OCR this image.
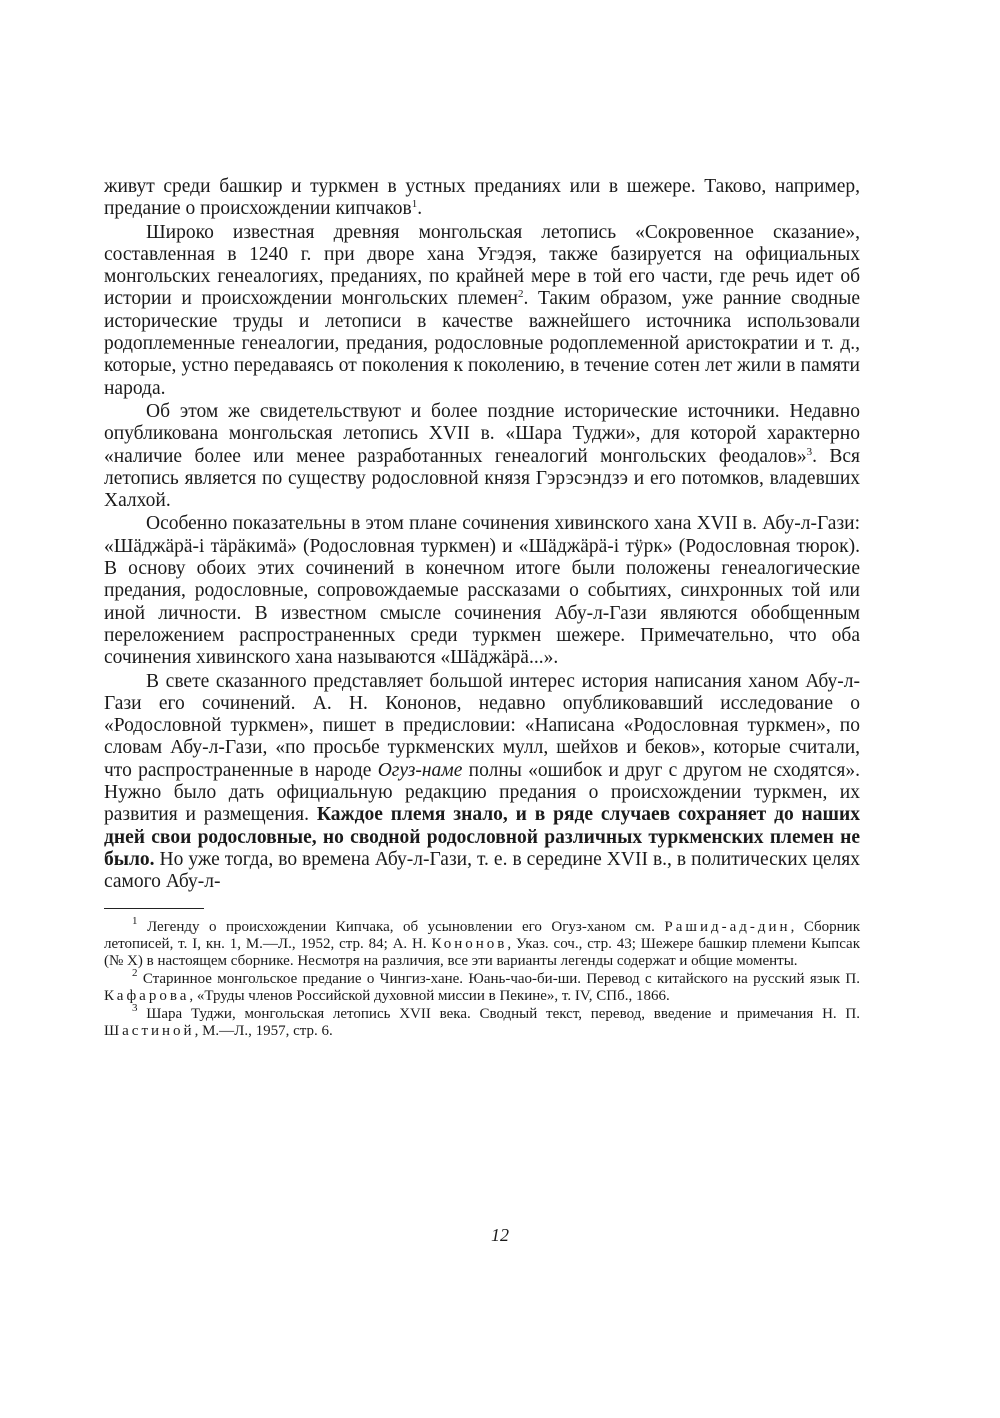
живут среди башкир и туркмен в устных преданиях или в шежере. Таково, например, предание о происхождении кипчаков$^1$.

Широко известная древняя монгольская летопись «Сокровенное сказание», составленная в 1240 г. при дворе хана Угэдэя, также базируется на официальных монгольских генеалогиях, преданиях, по крайней мере в той его части, где речь идет об истории и происхождении монгольских племен$^2$. Таким образом, уже ранние сводные исторические труды и летописи в качестве важнейшего источника использовали родоплеменные генеалогии, предания, родословные родоплеменной аристократии и т. д., которые, устно передаваясь от поколения к поколению, в течение сотен лет жили в памяти народа.

Об этом же свидетельствуют и более поздние исторические источники. Недавно опубликована монгольская летопись XVII в. «Шара Туджи», для которой характерно «наличие более или менее разработанных генеалогий монгольских феодалов»$^3$. Вся летопись является по существу родословной князя Гэрэсэндзэ и его потомков, владевших Халхой.

Особенно показательны в этом плане сочинения хивинского хана XVII в. Абу-л-Гази: «Шäджäрä-i тäрäкимä» (Родословная туркмен) и «Шäджäрä-i тӱрк» (Родословная тюрок). В основу обоих этих сочинений в конечном итоге были положены генеалогические предания, родословные, сопровождаемые рассказами о событиях, синхронных той или иной личности. В известном смысле сочинения Абу-л-Гази являются обобщенным переложением распространенных среди туркмен шежере. Примечательно, что оба сочинения хивинского хана называются «Шäджäрä...».

В свете сказанного представляет большой интерес история написания ханом Абу-л-Гази его сочинений. А. Н. Кононов, недавно опубликовавший исследование о «Родословной туркмен», пишет в предисловии: «Написана «Родословная туркмен», по словам Абу-л-Гази, «по просьбе туркменских мулл, шейхов и беков», которые считали, что распространенные в народе Огуз-наме полны «ошибок и друг с другом не сходятся». Нужно было дать официальную редакцию предания о происхождении туркмен, их развития и размещения. Каждое племя знало, и в ряде случаев сохраняет до наших дней свои родословные, но сводной родословной различных туркменских племен не было. Но уже тогда, во времена Абу-л-Гази, т. е. в середине XVII в., в политических целях самого Абу-л-

$^1$ Легенду о происхождении Кипчака, об усыновлении его Огуз-ханом см. Рашид-ад-дин, Сборник летописей, т. I, кн. 1, М.—Л., 1952, стр. 84; А. Н. Кононов, Указ. соч., стр. 43; Шежере башкир племени Кыпсак (№ X) в настоящем сборнике. Несмотря на различия, все эти варианты легенды содержат и общие моменты.

$^2$ Старинное монгольское предание о Чингиз-хане. Юань-чао-би-ши. Перевод с китайского на русский язык П. Кафарова, «Труды членов Российской духовной миссии в Пекине», т. IV, СПб., 1866.

$^3$ Шара Туджи, монгольская летопись XVII века. Сводный текст, перевод, введение и примечания Н. П. Шастиной, М.—Л., 1957, стр. 6.

12
